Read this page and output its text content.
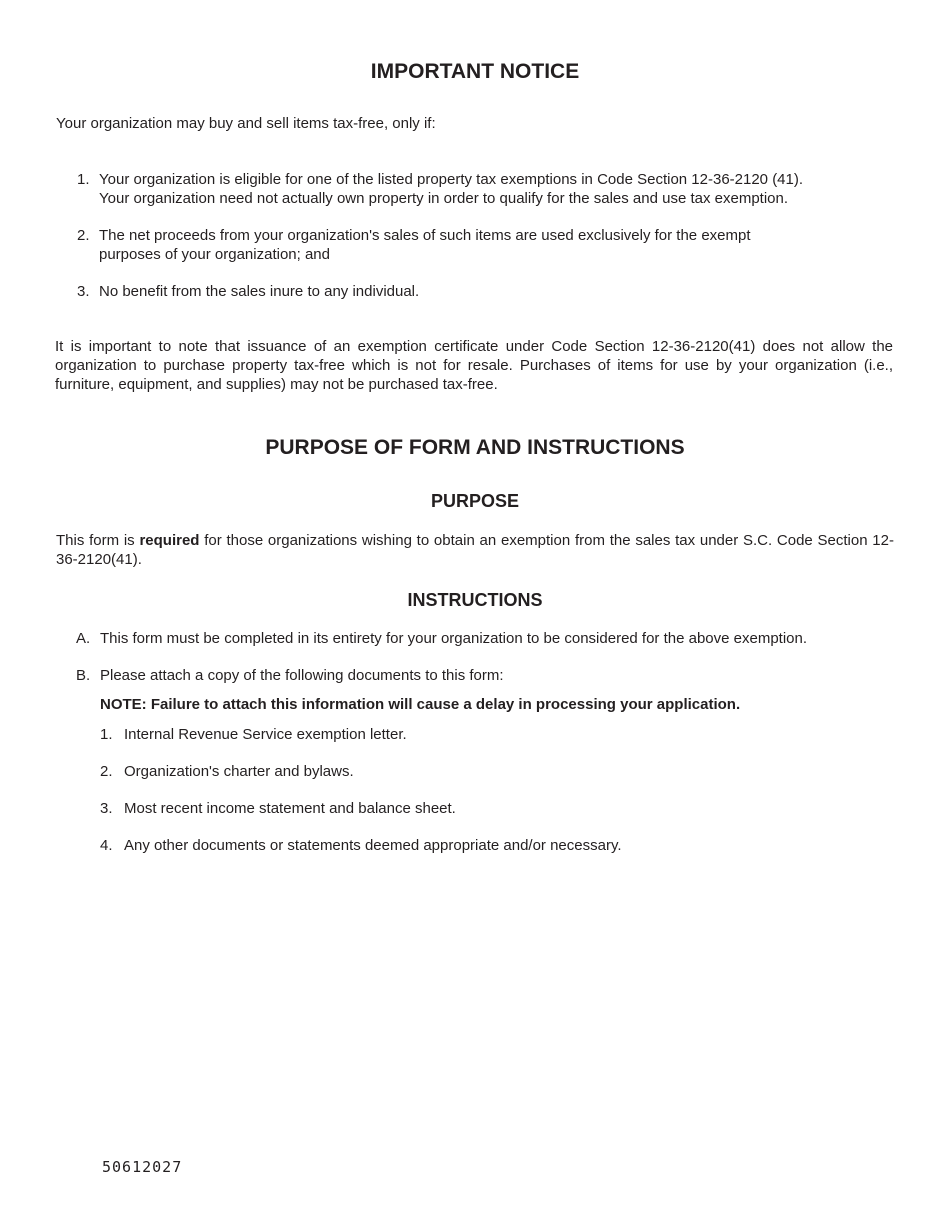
IMPORTANT NOTICE

Your organization may buy and sell items tax-free, only if:

1. Your organization is eligible for one of the listed property tax exemptions in Code Section 12-36-2120 (41).
Your organization need not actually own property in order to qualify for the sales and use tax exemption.
2. The net proceeds from your organization's sales of such items are used exclusively for the exempt
purposes of your organization; and
3. No benefit from the sales inure to any individual.

It is important to note that issuance of an exemption certificate under Code Section 12-36-2120(41) does not allow the organization to purchase property tax-free which is not for resale. Purchases of items for use by your organization (i.e., furniture, equipment, and supplies) may not be purchased tax-free.

PURPOSE OF FORM AND INSTRUCTIONS
PURPOSE

This form is required for those organizations wishing to obtain an exemption from the sales tax under S.C. Code Section 12-36-2120(41).

INSTRUCTIONS
A. This form must be completed in its entirety for your organization to be considered for the above exemption.
B. Please attach a copy of the following documents to this form:

NOTE: Failure to attach this information will cause a delay in processing your application.

1. Internal Revenue Service exemption letter.
2. Organization's charter and bylaws.
3. Most recent income statement and balance sheet.
4. Any other documents or statements deemed appropriate and/or necessary.
50612027
